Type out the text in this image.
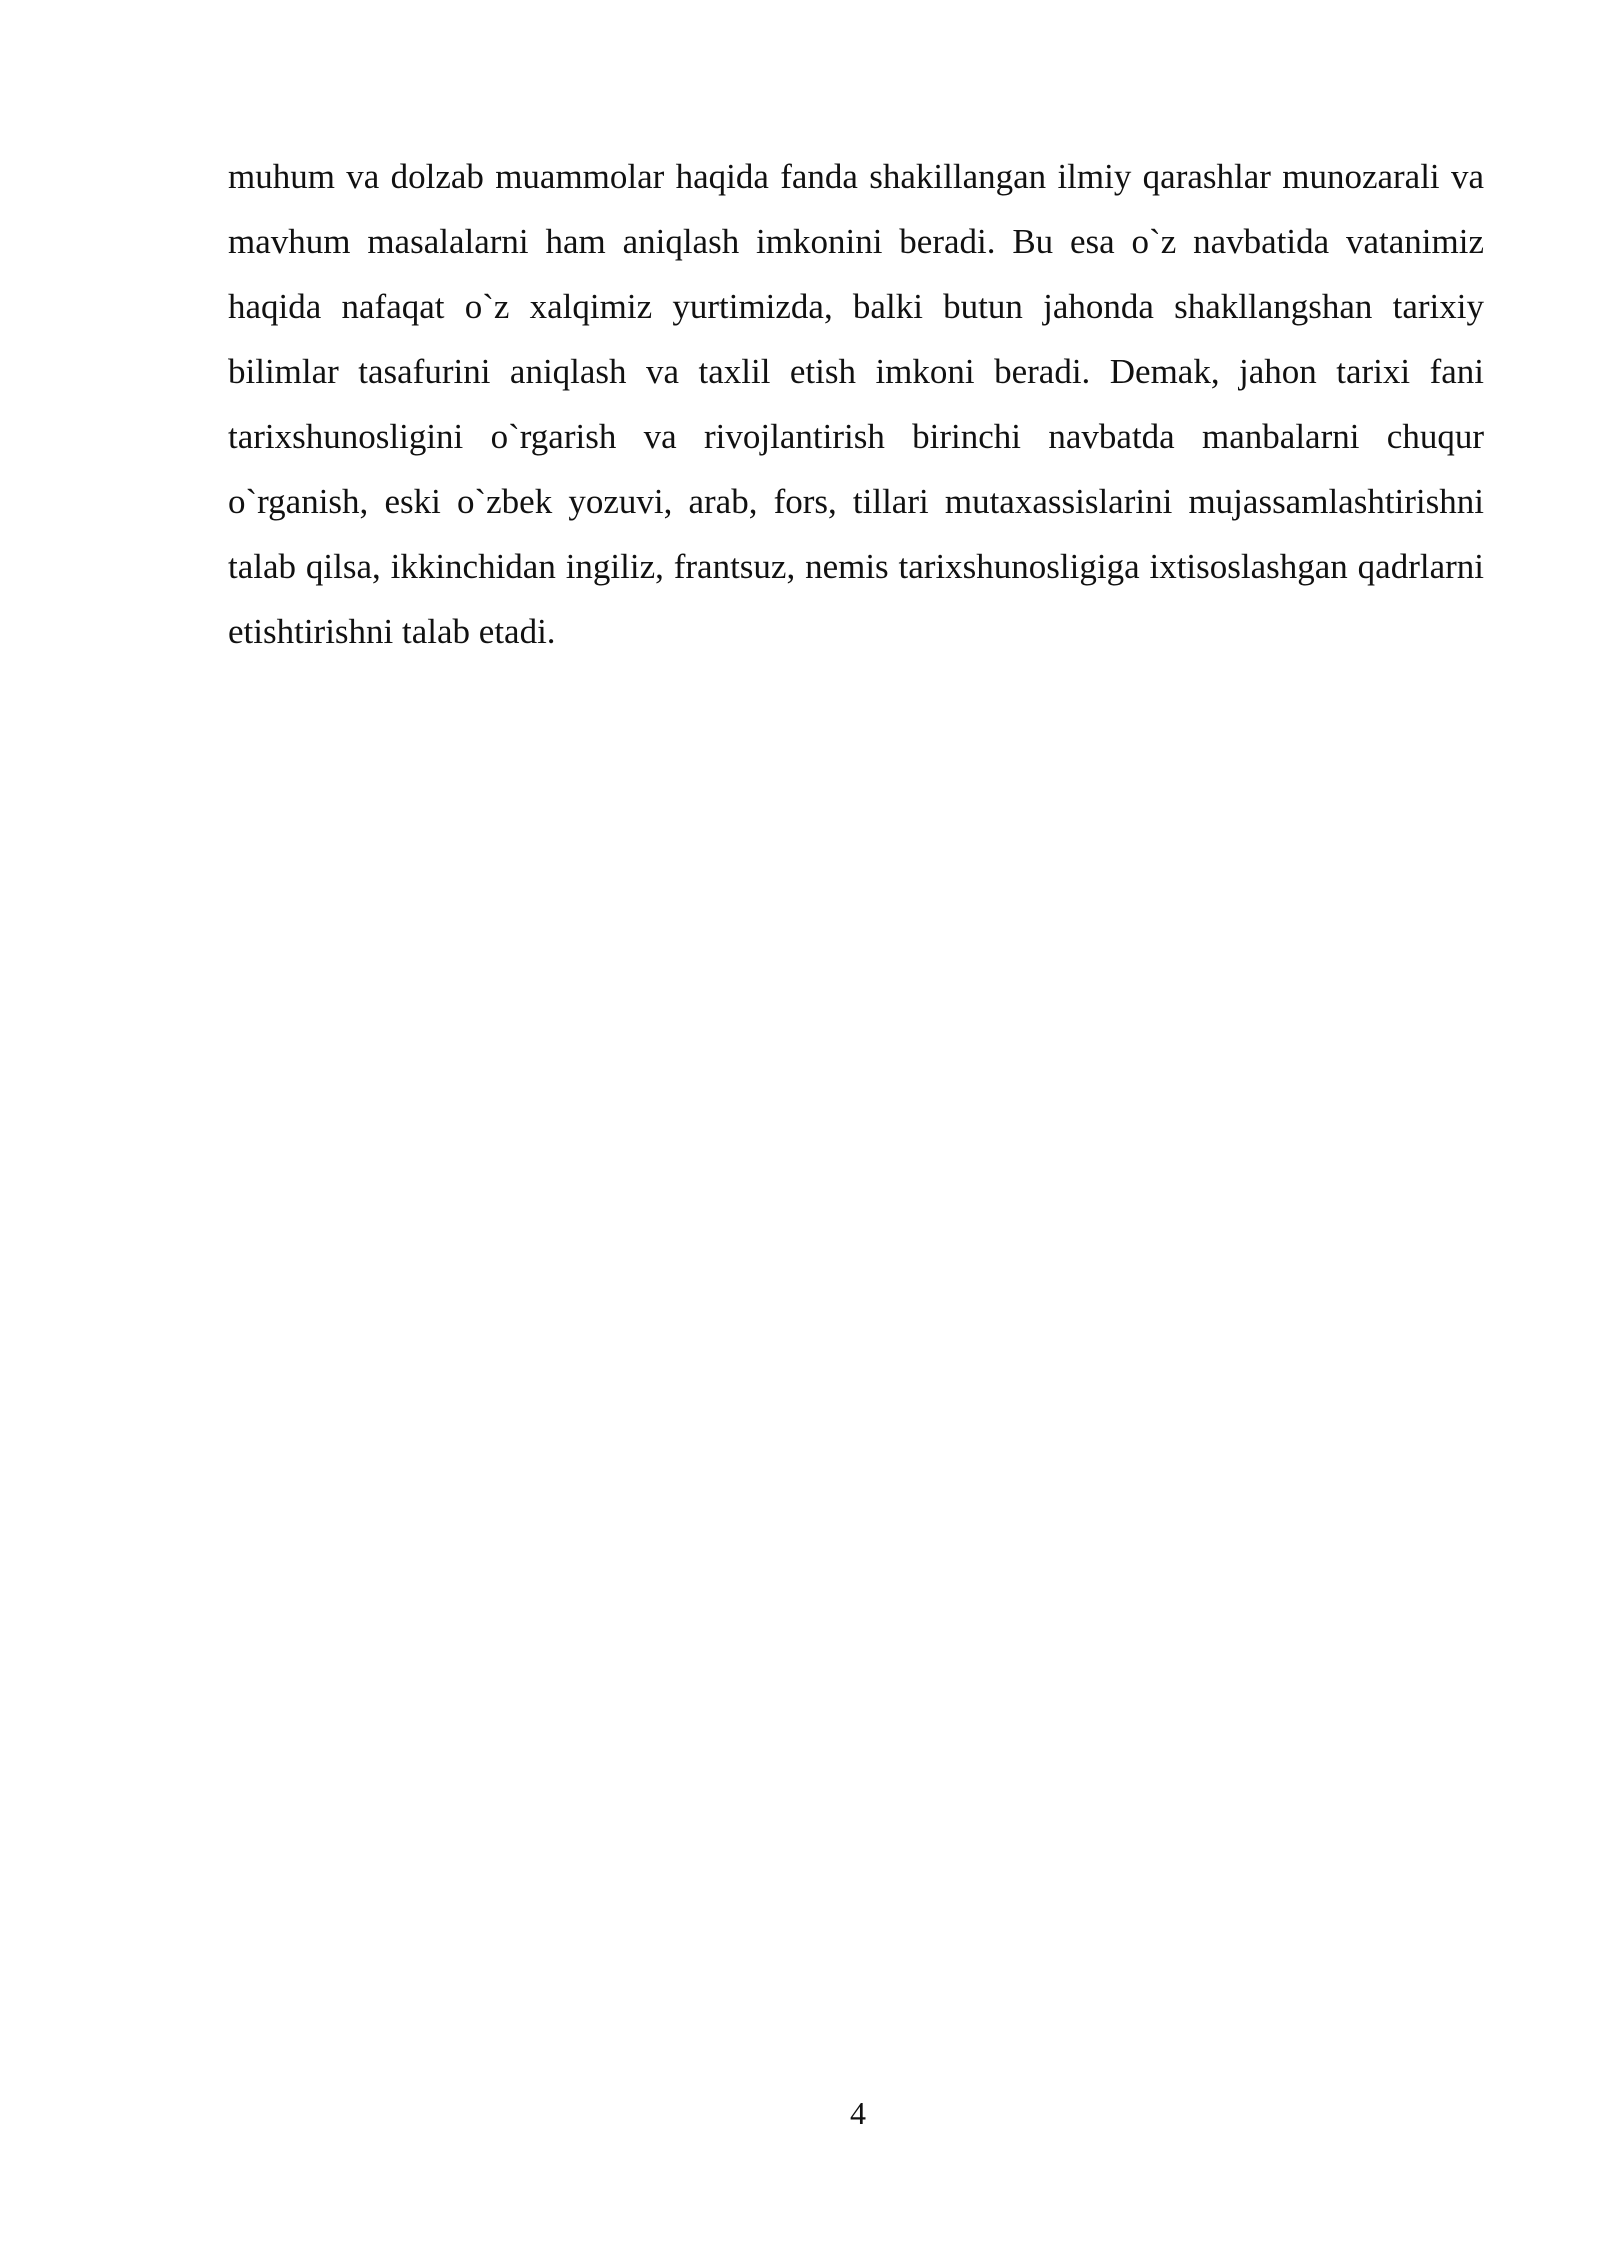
muhum va dolzab muammolar haqida fanda shakillangan ilmiy qarashlar munozarali va mavhum masalalarni ham aniqlash imkonini beradi. Bu esa o`z navbatida vatanimiz haqida nafaqat o`z xalqimiz yurtimizda, balki butun jahonda shakllangshan tarixiy bilimlar tasafurini aniqlash va taxlil etish imkoni beradi. Demak, jahon tarixi fani tarixshunosligini o`rgarish va rivojlantirish birinchi navbatda manbalarni chuqur o`rganish, eski o`zbek yozuvi, arab, fors, tillari mutaxassislarini mujassamlashtirishni talab qilsa, ikkinchidan ingiliz, frantsuz, nemis tarixshunosligiga ixtisoslashgan qadrlarni etishtirishni talab etadi.

4
